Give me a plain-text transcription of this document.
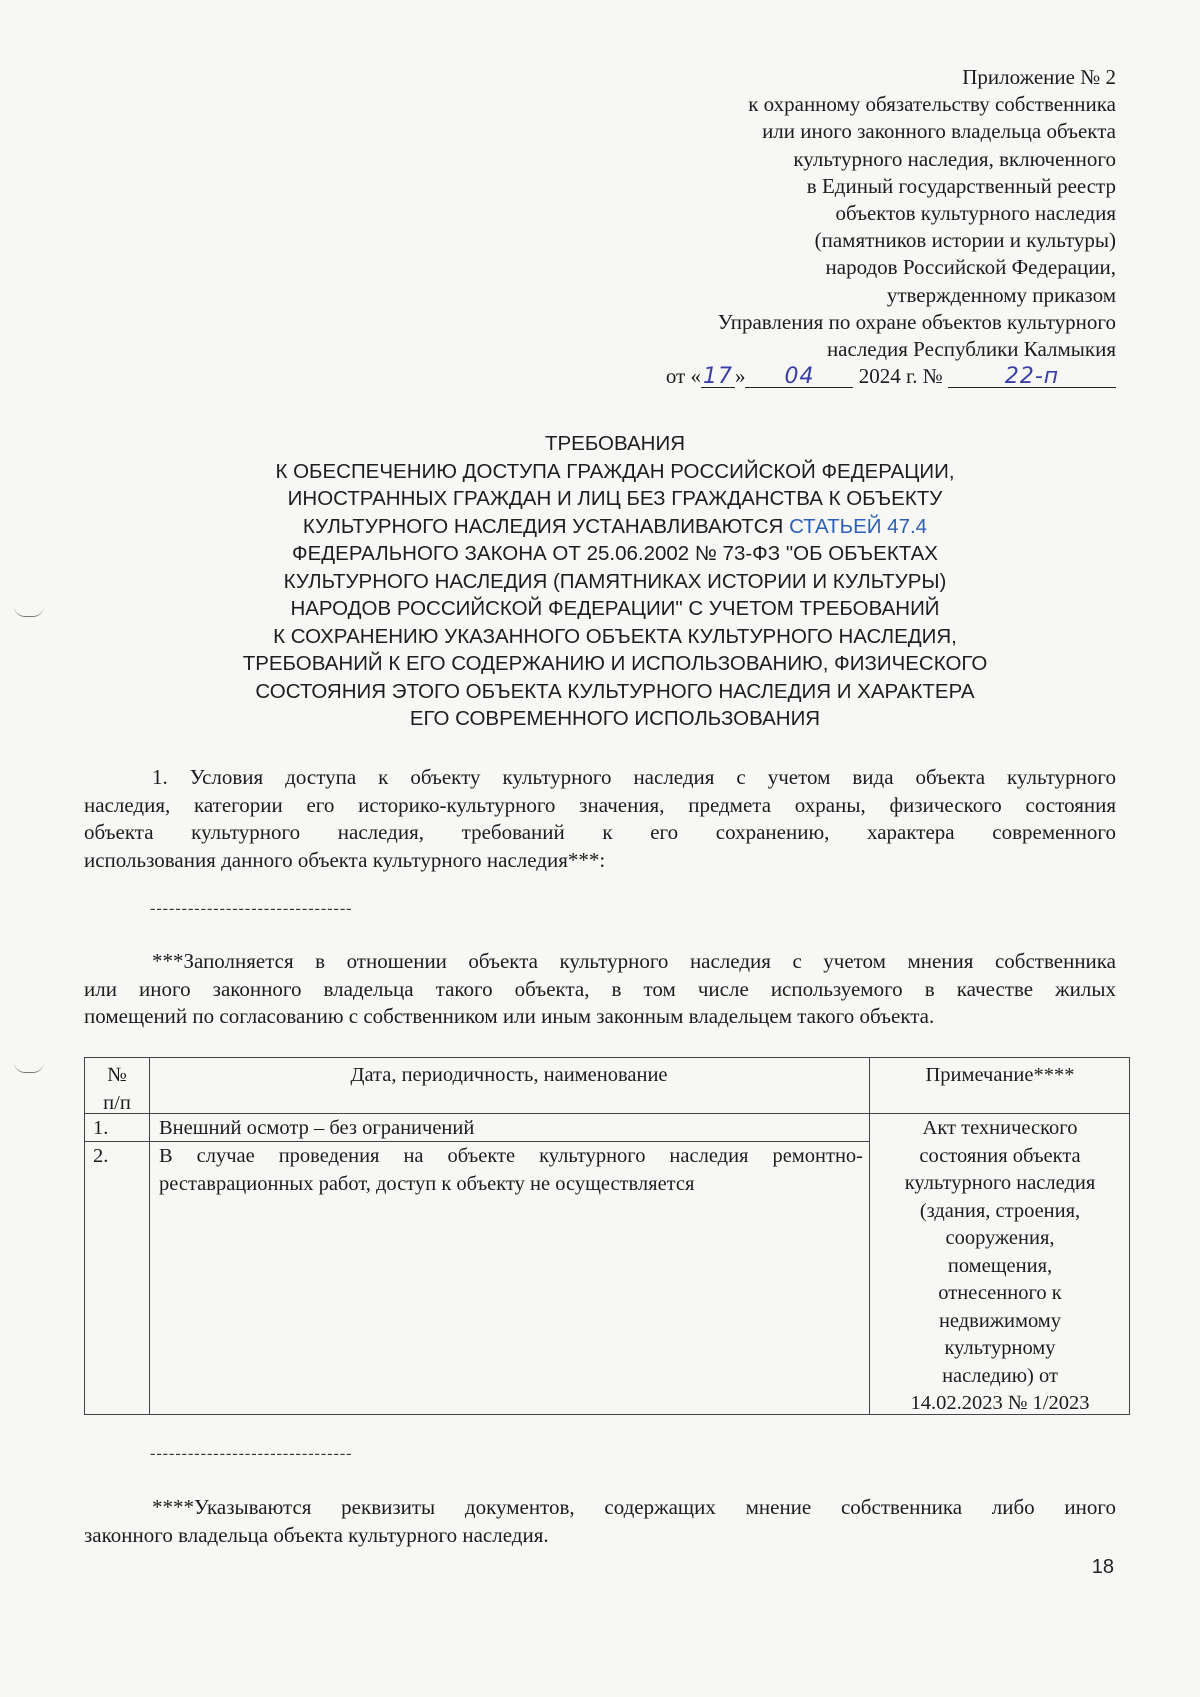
Приложение № 2
к охранному обязательству собственника
или иного законного владельца объекта
культурного наследия, включенного
в Единый государственный реестр
объектов культурного наследия
(памятников истории и культуры)
народов Российской Федерации,
утвержденному приказом
Управления по охране объектов культурного
наследия Республики Калмыкия
от «17» 04 2024 г. №	22-п
ТРЕБОВАНИЯ
К ОБЕСПЕЧЕНИЮ ДОСТУПА ГРАЖДАН РОССИЙСКОЙ ФЕДЕРАЦИИ,
ИНОСТРАННЫХ ГРАЖДАН И ЛИЦ БЕЗ ГРАЖДАНСТВА К ОБЪЕКТУ
КУЛЬТУРНОГО НАСЛЕДИЯ УСТАНАВЛИВАЮТСЯ СТАТЬЕЙ 47.4
ФЕДЕРАЛЬНОГО ЗАКОНА ОТ 25.06.2002 № 73-ФЗ "ОБ ОБЪЕКТАХ
КУЛЬТУРНОГО НАСЛЕДИЯ (ПАМЯТНИКАХ ИСТОРИИ И КУЛЬТУРЫ)
НАРОДОВ РОССИЙСКОЙ ФЕДЕРАЦИИ" С УЧЕТОМ ТРЕБОВАНИЙ
К СОХРАНЕНИЮ УКАЗАННОГО ОБЪЕКТА КУЛЬТУРНОГО НАСЛЕДИЯ,
ТРЕБОВАНИЙ К ЕГО СОДЕРЖАНИЮ И ИСПОЛЬЗОВАНИЮ, ФИЗИЧЕСКОГО
СОСТОЯНИЯ ЭТОГО ОБЪЕКТА КУЛЬТУРНОГО НАСЛЕДИЯ И ХАРАКТЕРА
ЕГО СОВРЕМЕННОГО ИСПОЛЬЗОВАНИЯ
1. Условия доступа к объекту культурного наследия с учетом вида объекта культурного
наследия, категории его историко-культурного значения, предмета охраны, физического состояния
объекта культурного наследия, требований к его сохранению, характера современного
использования данного объекта культурного наследия***:
--------------------------------
***Заполняется в отношении объекта культурного наследия с учетом мнения собственника
или иного законного владельца такого объекта, в том числе используемого в качестве жилых
помещений по согласованию с собственником или иным законным владельцем такого объекта.
№
п/п
Дата, периодичность, наименование	Примечание****
1. Внешний осмотр – без ограничений
2. В случае проведения на объекте культурного наследия ремонтно-
реставрационных работ, доступ к объекту не осуществляется
Акт технического
состояния объекта
культурного наследия
(здания, строения,
сооружения,
помещения,
отнесенного к
недвижимому
культурному
наследию) от
14.02.2023 № 1/2023
--------------------------------
****Указываются реквизиты документов, содержащих мнение собственника либо иного
законного владельца объекта культурного наследия.
18
